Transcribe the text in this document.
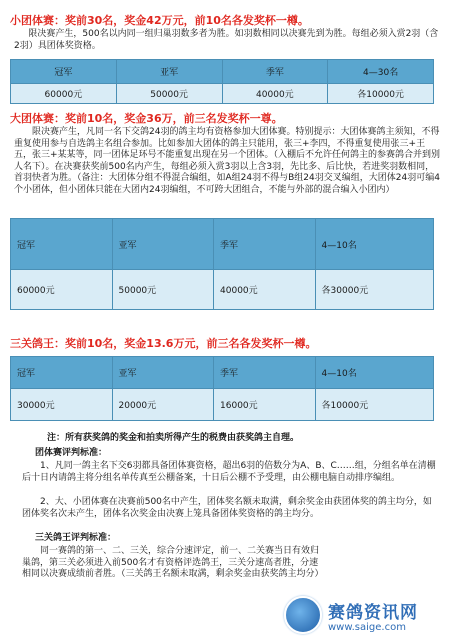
小团体赛：奖前30名，奖金42万元，前10名各发奖杯一樽。
限决赛产生，500名以内同一组归巢羽数多者为胜。如羽数相同以决赛先到为胜。每组必须入赏2羽（含2羽）具团体奖资格。
冠军	亚军	季军	4—30名
60000元	50000元	40000元	各10000元
大团体赛：奖前10名，奖金36万，前三名发奖杯一尊。
限决赛产生，凡同一名下交鸽24羽的鸽主均有资格参加大团体赛。特别提示：大团体赛鸽主须知，不得重复使用参与自选鸽主名组合参加。比如参加大团体的鸽主只能用，张三+李四，不得重复使用张三+王五，张三+某某等，同一团体足环号不能重复出现在另一个团体。（入棚后不允许任何鸽主的参赛鸽合并到别人名下）。在决赛获奖前500名内产生，每组必须入赏3羽以上含3羽，先比多、后比快，若进奖羽数相同，首羽快者为胜。（备注：大团体分组不得混合编组，如A组24羽不得与B组24羽交叉编组，大团体24羽可编4个小团体，但小团体只能在大团内24羽编组，不可跨大团组合，不能与外部的混合编入小团内）
冠军	亚军	季军	4—10名
60000元	50000元	40000元	各30000元
三关鸽王：奖前10名，奖金13.6万元，前三名各发奖杯一樽。
冠军	亚军	季军	4—10名
30000元	20000元	16000元	各10000元
注：所有获奖鸽的奖金和拍卖所得产生的税费由获奖鸽主自理。
团体赛评判标准：
1、凡同一鸽主名下交6羽都具备团体赛资格，超出6羽的倍数分为A、B、C……组，分组名单在清棚后十日内请鸽主将分组名单传真至公棚备案，十日后公棚不予受理，由公棚电脑自动排序编组。
2、大、小团体赛在决赛前500名中产生，团体奖名额未取满，剩余奖金由获团体奖的鸽主均分，如团体奖名次未产生，团体名次奖金由决赛上笼具备团体奖资格的鸽主均分。
三关鸽王评判标准：
同一赛鸽的第一、二、三关，综合分速评定，前一、二关赛当日有效归巢鸽，第三关必须进入前500名才有资格评选鸽王，三关分速高者胜，分速相同以决赛成绩前者胜。（三关鸽王名额未取满，剩余奖金由获奖鸽主均分）
赛鸽资讯网
www.saige.com
